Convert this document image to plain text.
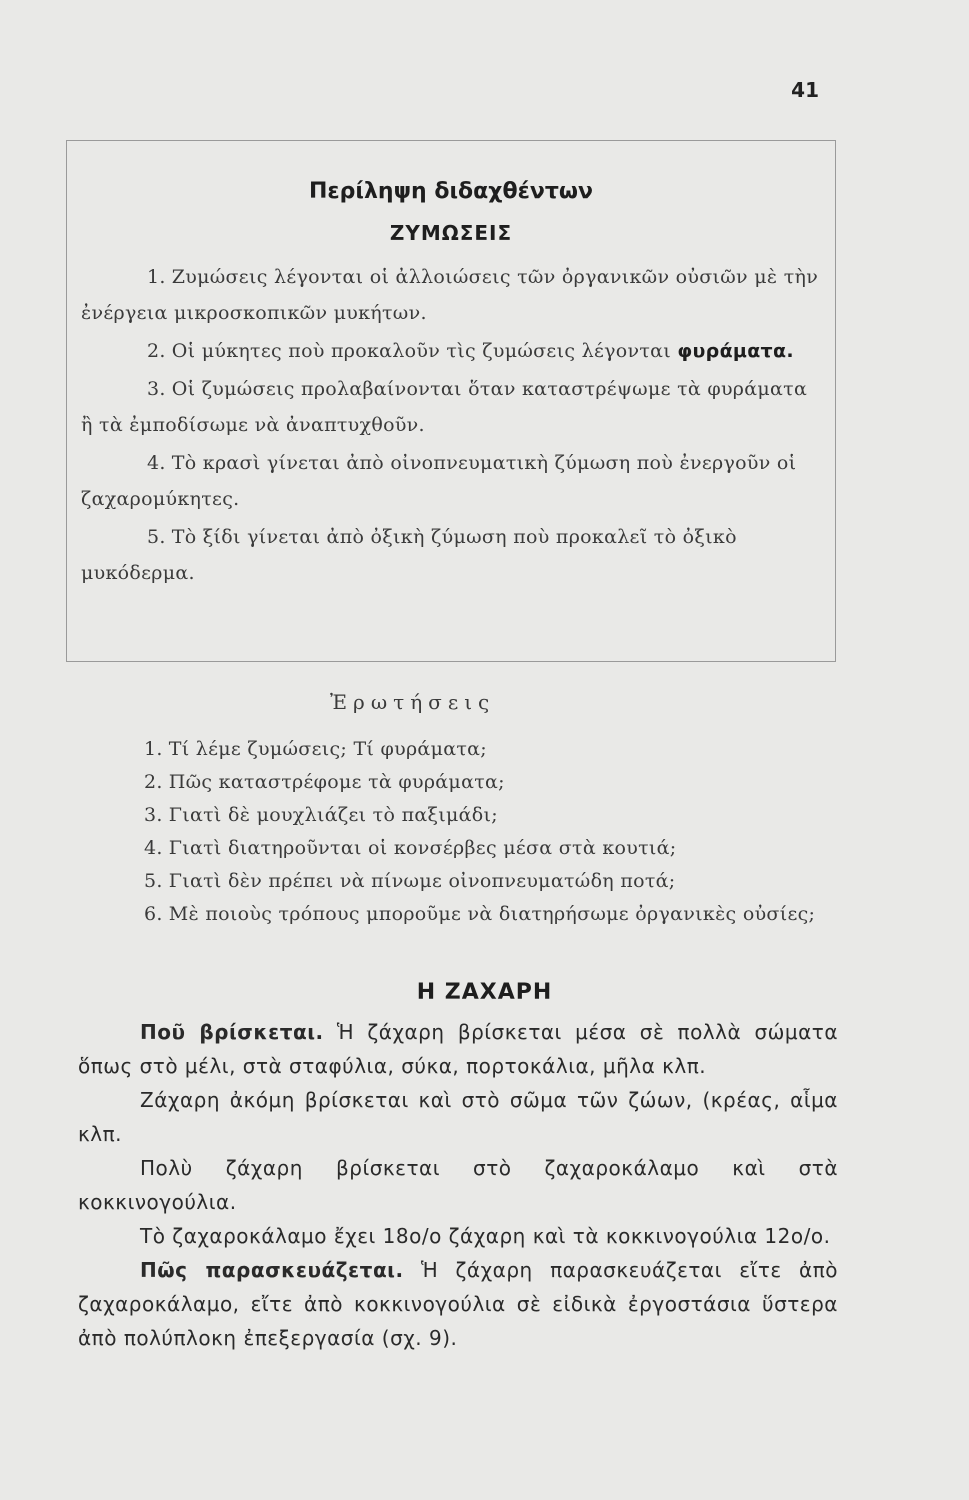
41
Περίληψη διδαχθέντων
ΖΥΜΩΣΕΙΣ

1. Ζυμώσεις λέγονται οἱ ἀλλοιώσεις τῶν ὀργανικῶν οὐσιῶν μὲ τὴν ἐνέργεια μικροσκοπικῶν μυκήτων.

2. Οἱ μύκητες ποὺ προκαλοῦν τὶς ζυμώσεις λέγονται φυράματα.

3. Οἱ ζυμώσεις προλαβαίνονται ὅταν καταστρέψωμε τὰ φυράματα ἢ τὰ ἐμποδίσωμε νὰ ἀναπτυχθοῦν.

4. Τὸ κρασὶ γίνεται ἀπὸ οἰνοπνευματικὴ ζύμωση ποὺ ἐνεργοῦν οἱ ζαχαρομύκητες.

5. Τὸ ξίδι γίνεται ἀπὸ ὀξικὴ ζύμωση ποὺ προκαλεῖ τὸ ὀξικὸ μυκόδερμα.

Ἐρωτήσεις
1. Τί λέμε ζυμώσεις; Τί φυράματα;
2. Πῶς καταστρέφομε τὰ φυράματα;
3. Γιατὶ δὲ μουχλιάζει τὸ παξιμάδι;
4. Γιατὶ διατηροῦνται οἱ κονσέρβες μέσα στὰ κουτιά;
5. Γιατὶ δὲν πρέπει νὰ πίνωμε οἰνοπνευματώδη ποτά;
6. Μὲ ποιοὺς τρόπους μποροῦμε νὰ διατηρήσωμε ὀργανικὲς οὐσίες;
Η ΖΑΧΑΡΗ

Ποῦ βρίσκεται. Ἡ ζάχαρη βρίσκεται μέσα σὲ πολλὰ σώματα ὅπως στὸ μέλι, στὰ σταφύλια, σύκα, πορτοκάλια, μῆλα κλπ.

Ζάχαρη ἀκόμη βρίσκεται καὶ στὸ σῶμα τῶν ζώων, (κρέας, αἷμα κλπ.

Πολὺ ζάχαρη βρίσκεται στὸ ζαχαροκάλαμο καὶ στὰ κοκκινογούλια.

Τὸ ζαχαροκάλαμο ἔχει 18ο/ο ζάχαρη καὶ τὰ κοκκινογούλια 12ο/ο.

Πῶς παρασκευάζεται. Ἡ ζάχαρη παρασκευάζεται εἴτε ἀπὸ ζαχαροκάλαμο, εἴτε ἀπὸ κοκκινογούλια σὲ εἰδικὰ ἐργοστάσια ὕστερα ἀπὸ πολύπλοκη ἐπεξεργασία (σχ. 9).
